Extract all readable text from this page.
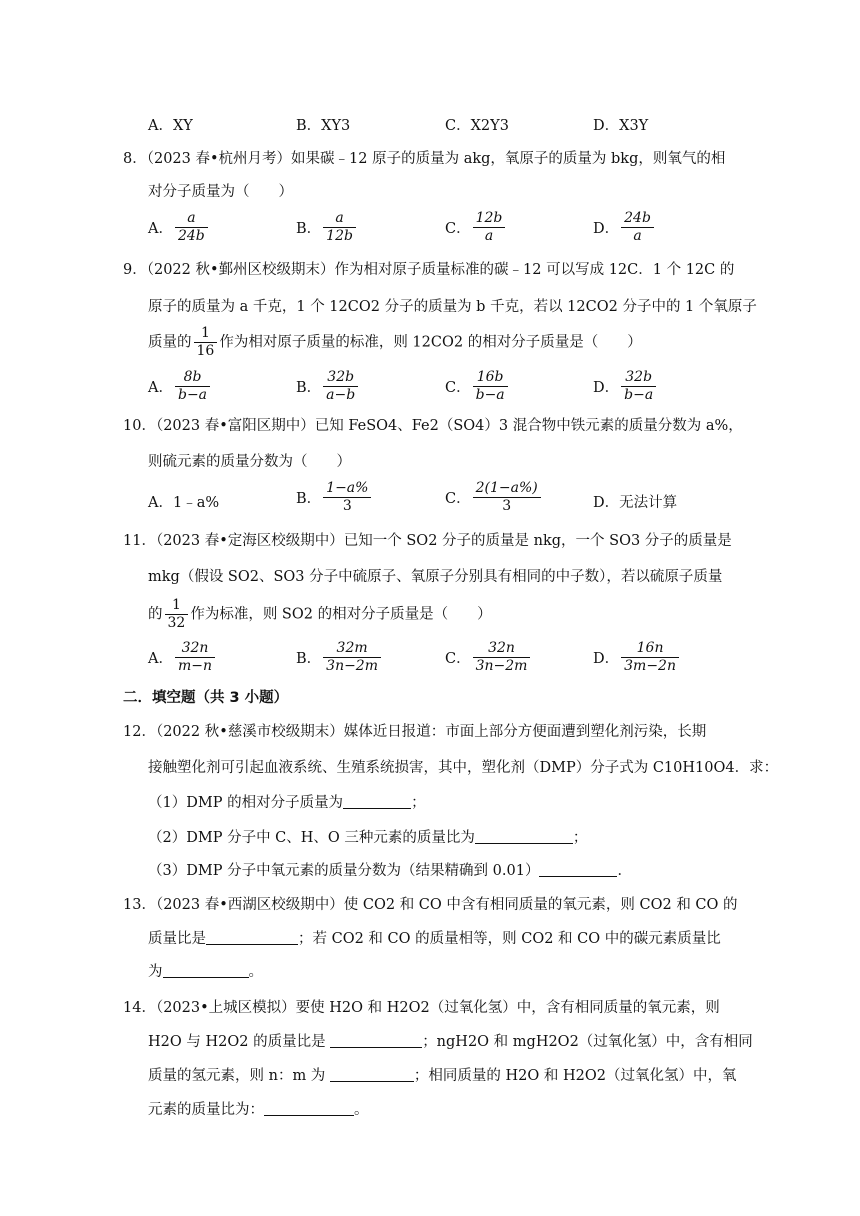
A．XY	B．XY3	C．X2Y3	D．X3Y
8．（2023 春•杭州月考）如果碳﹣12 原子的质量为 akg，氧原子的质量为 bkg，则氧气的相
对分子质量为（　　）
A． $\frac{a}{24b}$	B． $\frac{a}{12b}$	C． $\frac{12b}{a}$	D． $\frac{24b}{a}$
9．（2022 秋•鄞州区校级期末）作为相对原子质量标准的碳﹣12 可以写成 12C．1 个 12C 的
原子的质量为 a 千克，1 个 12CO2 分子的质量为 b 千克，若以 12CO2 分子中的 1 个氧原子
质量的 $\frac{1}{16}$ 作为相对原子质量的标准，则 12CO2 的相对分子质量是（　　）
A． $\frac{8b}{b-a}$	B． $\frac{32b}{a-b}$	C． $\frac{16b}{b-a}$	D． $\frac{32b}{b-a}$
10．（2023 春•富阳区期中）已知 FeSO4、Fe2（SO4）3 混合物中铁元素的质量分数为 a%，
则硫元素的质量分数为（　　）
A．1﹣a%	B． $\frac{1-a\%}{3}$	C． $\frac{2(1-a\%)}{3}$	D．无法计算
11．（2023 春•定海区校级期中）已知一个 SO2 分子的质量是 nkg，一个 SO3 分子的质量是
mkg（假设 SO2、SO3 分子中硫原子、氧原子分别具有相同的中子数），若以硫原子质量
的 $\frac{1}{32}$ 作为标准，则 SO2 的相对分子质量是（　　）
A． $\frac{32n}{m-n}$	B． $\frac{32m}{3n-2m}$	C． $\frac{32n}{3n-2m}$	D． $\frac{16n}{3m-2n}$
二．填空题（共 3 小题）
12．（2022 秋•慈溪市校级期末）媒体近日报道：市面上部分方便面遭到塑化剂污染，长期
接触塑化剂可引起血液系统、生殖系统损害，其中，塑化剂（DMP）分子式为 C10H10O4．求：
（1）DMP 的相对分子质量为	；
（2）DMP 分子中 C、H、O 三种元素的质量比为	；
（3）DMP 分子中氧元素的质量分数为（结果精确到 0.01）	．
13．（2023 春•西湖区校级期中）使 CO2 和 CO 中含有相同质量的氧元素，则 CO2 和 CO 的
质量比是	；若 CO2 和 CO 的质量相等，则 CO2 和 CO 中的碳元素质量比
为	。
14．（2023•上城区模拟）要使 H2O 和 H2O2（过氧化氢）中，含有相同质量的氧元素，则
H2O 与 H2O2 的质量比是	；ngH2O 和 mgH2O2（过氧化氢）中，含有相同
质量的氢元素，则 n：m 为	；相同质量的 H2O 和 H2O2（过氧化氢）中，氧
元素的质量比为：	。
